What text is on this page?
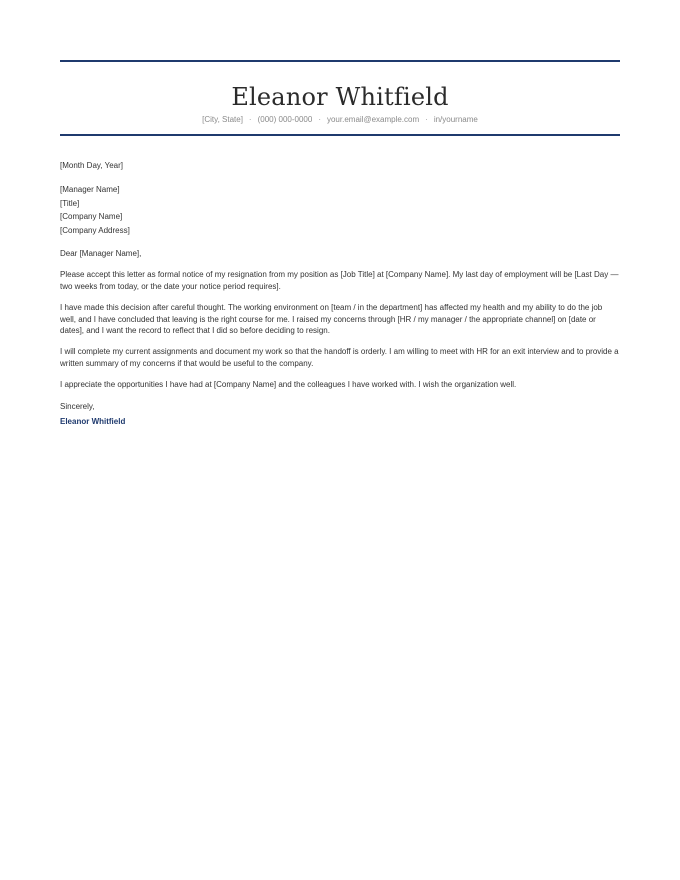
Eleanor Whitfield
[City, State] · (000) 000-0000 · your.email@example.com · in/yourname
[Month Day, Year]
[Manager Name]
[Title]
[Company Name]
[Company Address]
Dear [Manager Name],

Please accept this letter as formal notice of my resignation from my position as [Job Title] at [Company Name]. My last day of employment will be [Last Day — two weeks from today, or the date your notice period requires].

I have made this decision after careful thought. The working environment on [team / in the department] has affected my health and my ability to do the job well, and I have concluded that leaving is the right course for me. I raised my concerns through [HR / my manager / the appropriate channel] on [date or dates], and I want the record to reflect that I did so before deciding to resign.

I will complete my current assignments and document my work so that the handoff is orderly. I am willing to meet with HR for an exit interview and to provide a written summary of my concerns if that would be useful to the company.

I appreciate the opportunities I have had at [Company Name] and the colleagues I have worked with. I wish the organization well.

Sincerely,
Eleanor Whitfield
